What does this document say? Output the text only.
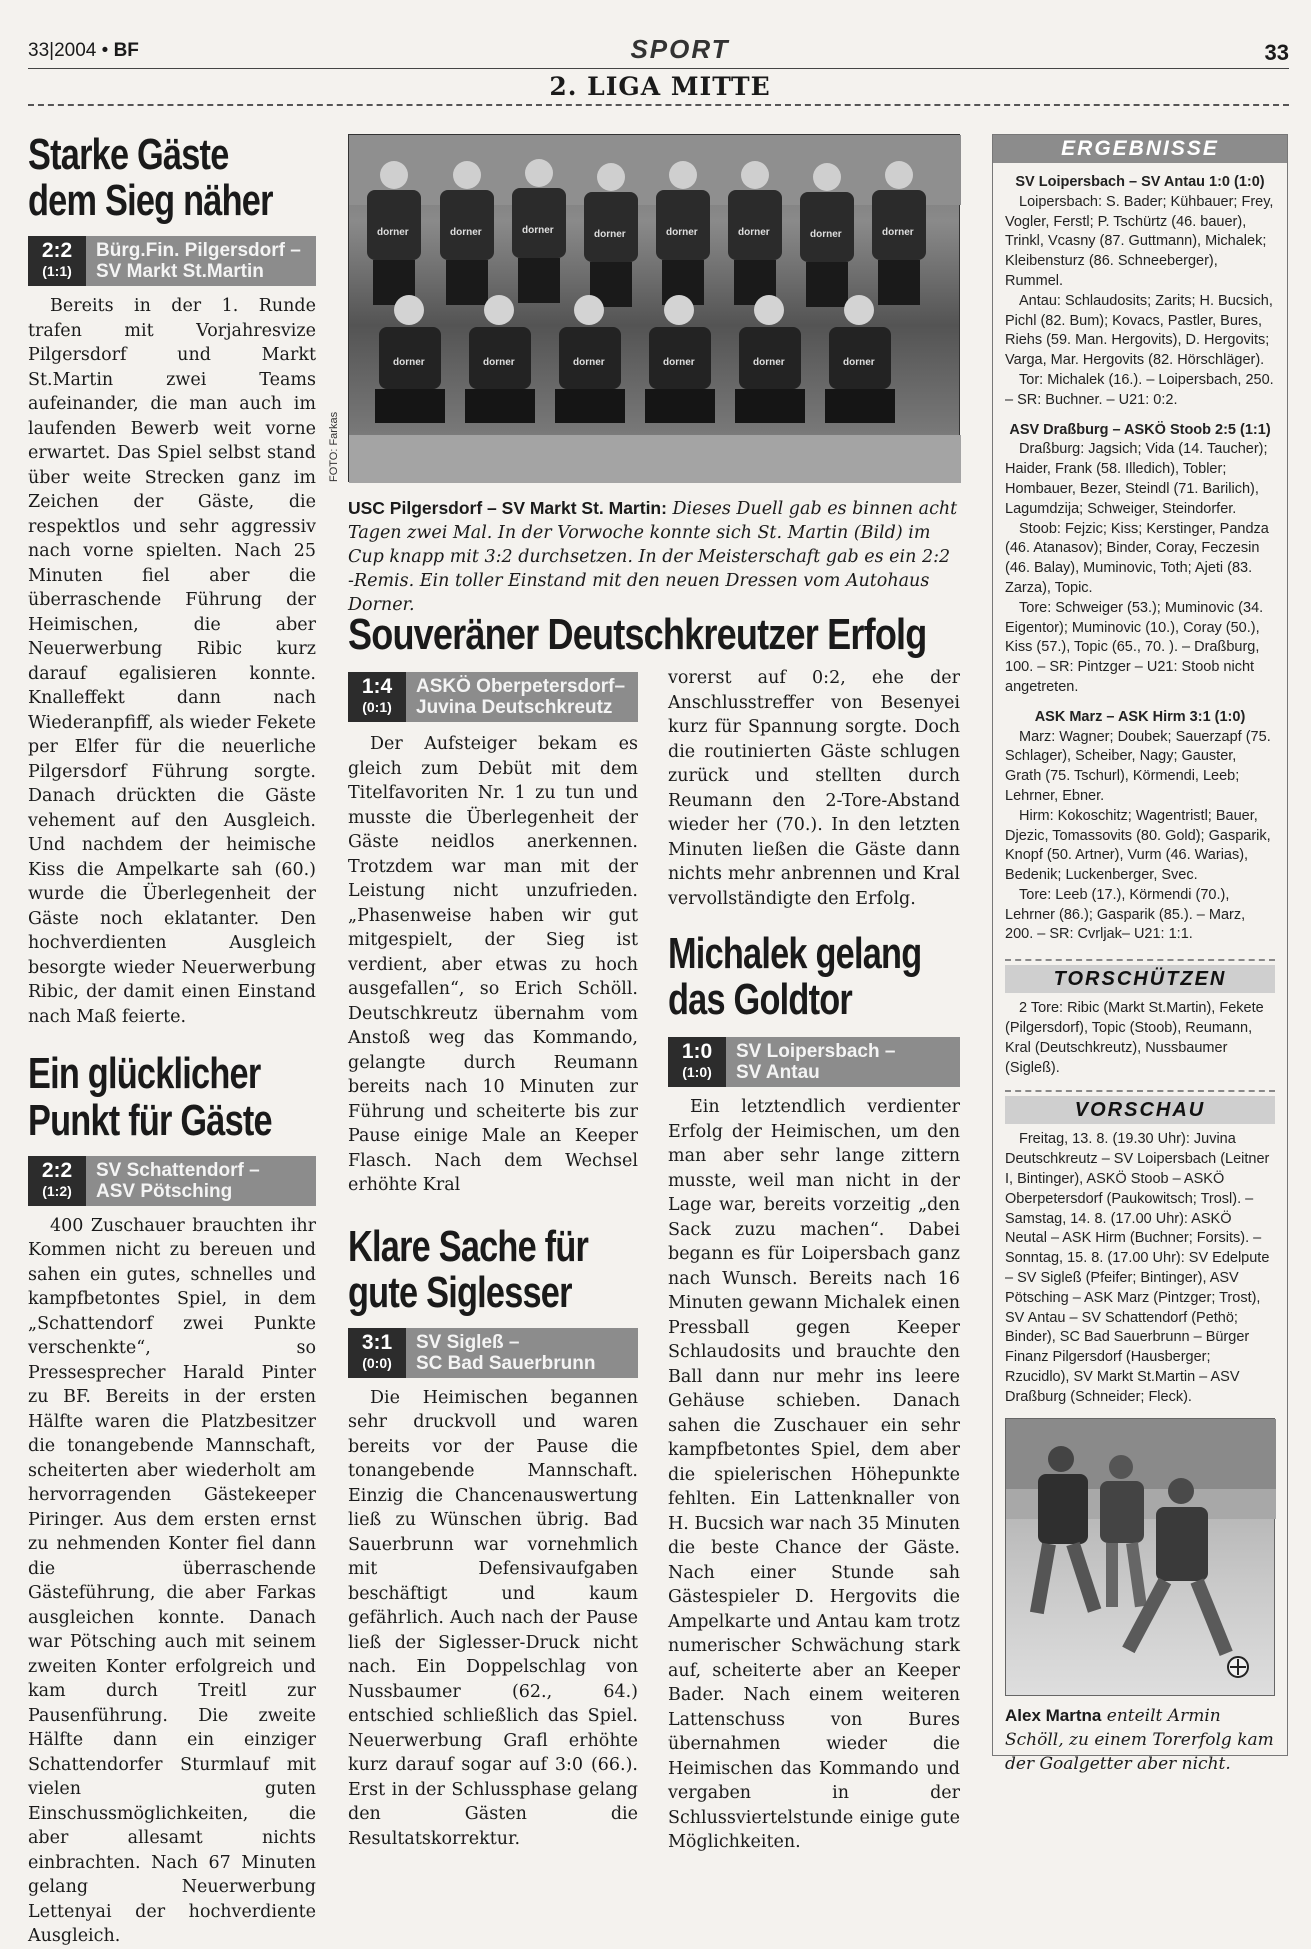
33|2004 • BF	SPORT	33
2. LIGA MITTE
Starke Gäste
dem Sieg näher
2:2
(1:1)
Bürg.Fin. Pilgersdorf –
SV Markt St.Martin

Bereits in der 1. Runde trafen mit Vorjahresvize Pilgersdorf und Markt St.Martin zwei Teams aufeinander, die man auch im laufenden Bewerb weit vorne erwartet. Das Spiel selbst stand über weite Strecken ganz im Zeichen der Gäste, die respektlos und sehr aggressiv nach vorne spielten. Nach 25 Minuten fiel aber die überraschende Führung der Heimischen, die aber Neuerwerbung Ribic kurz darauf egalisieren konnte. Knalleffekt dann nach Wiederanpfiff, als wieder Fekete per Elfer für die neuerliche Pilgersdorf Führung sorgte. Danach drückten die Gäste vehement auf den Ausgleich. Und nachdem der heimische Kiss die Ampelkarte sah (60.) wurde die Überlegenheit der Gäste noch eklatanter. Den hochverdienten Ausgleich besorgte wieder Neuerwerbung Ribic, der damit einen Einstand nach Maß feierte.

Ein glücklicher
Punkt für Gäste
2:2
(1:2)
SV Schattendorf –
ASV Pötsching

400 Zuschauer brauchten ihr Kommen nicht zu bereuen und sahen ein gutes, schnelles und kampfbetontes Spiel, in dem „Schattendorf zwei Punkte verschenkte“, so Pressesprecher Harald Pinter zu BF. Bereits in der ersten Hälfte waren die Platzbesitzer die tonangebende Mannschaft, scheiterten aber wiederholt am hervorragenden Gästekeeper Piringer. Aus dem ersten ernst zu nehmenden Konter fiel dann die überraschende Gästeführung, die aber Farkas ausgleichen konnte. Danach war Pötsching auch mit seinem zweiten Konter erfolgreich und kam durch Treitl zur Pausenführung. Die zweite Hälfte dann ein einziger Schattendorfer Sturmlauf mit vielen guten Einschussmöglichkeiten, die aber allesamt nichts einbrachten. Nach 67 Minuten gelang Neuerwerbung Lettenyai der hochverdiente Ausgleich.

dorner	dorner	dorner	dorner	dorner	dorner	dorner	dorner
dorner	dorner	dorner	dorner	dorner	dorner
FOTO: Farkas
USC Pilgersdorf – SV Markt St. Martin: Dieses Duell gab es binnen acht Tagen zwei Mal. In der Vorwoche konnte sich St. Martin (Bild) im Cup knapp mit 3:2 durchsetzen. In der Meisterschaft gab es ein 2:2 -Remis. Ein toller Einstand mit den neuen Dressen vom Autohaus Dorner.
Souveräner Deutschkreutzer Erfolg
1:4
(0:1)
ASKÖ Oberpetersdorf–
Juvina Deutschkreutz

Der Aufsteiger bekam es gleich zum Debüt mit dem Titelfavoriten Nr. 1 zu tun und musste die Überlegenheit der Gäste neidlos anerkennen. Trotzdem war man mit der Leistung nicht unzufrieden. „Phasenweise haben wir gut mitgespielt, der Sieg ist verdient, aber etwas zu hoch ausgefallen“, so Erich Schöll. Deutschkreutz übernahm vom Anstoß weg das Kommando, gelangte durch Reumann bereits nach 10 Minuten zur Führung und scheiterte bis zur Pause einige Male an Keeper Flasch. Nach dem Wechsel erhöhte Kral

Klare Sache für
gute Siglesser
3:1
(0:0)
SV Sigleß –
SC Bad Sauerbrunn

Die Heimischen begannen sehr druckvoll und waren bereits vor der Pause die tonangebende Mannschaft. Einzig die Chancenauswertung ließ zu Wünschen übrig. Bad Sauerbrunn war vornehmlich mit Defensivaufgaben beschäftigt und kaum gefährlich. Auch nach der Pause ließ der Siglesser-Druck nicht nach. Ein Doppelschlag von Nussbaumer (62., 64.) entschied schließlich das Spiel. Neuerwerbung Grafl erhöhte kurz darauf sogar auf 3:0 (66.). Erst in der Schlussphase gelang den Gästen die Resultatskorrektur.

vorerst auf 0:2, ehe der Anschlusstreffer von Besenyei kurz für Spannung sorgte. Doch die routinierten Gäste schlugen zurück und stellten durch Reumann den 2-Tore-Abstand wieder her (70.). In den letzten Minuten ließen die Gäste dann nichts mehr anbrennen und Kral vervollständigte den Erfolg.

Michalek gelang
das Goldtor
1:0
(1:0)
SV Loipersbach –
SV Antau

Ein letztendlich verdienter Erfolg der Heimischen, um den man aber sehr lange zittern musste, weil man nicht in der Lage war, bereits vorzeitig „den Sack zuzu machen“. Dabei begann es für Loipersbach ganz nach Wunsch. Bereits nach 16 Minuten gewann Michalek einen Pressball gegen Keeper Schlaudosits und brauchte den Ball dann nur mehr ins leere Gehäuse schieben. Danach sahen die Zuschauer ein sehr kampfbetontes Spiel, dem aber die spielerischen Höhepunkte fehlten. Ein Lattenknaller von H. Bucsich war nach 35 Minuten die beste Chance der Gäste. Nach einer Stunde sah Gästespieler D. Hergovits die Ampelkarte und Antau kam trotz numerischer Schwächung stark auf, scheiterte aber an Keeper Bader. Nach einem weiteren Lattenschuss von Bures übernahmen wieder die Heimischen das Kommando und vergaben in der Schlussviertelstunde einige gute Möglichkeiten.

ERGEBNISSE
SV Loipersbach – SV Antau 1:0 (1:0)
Loipersbach: S. Bader; Kühbauer; Frey, Vogler, Ferstl; P. Tschürtz (46. bauer), Trinkl, Vcasny (87. Guttmann), Michalek; Kleibensturz (86. Schneeberger), Rummel.
Antau: Schlaudosits; Zarits; H. Bucsich, Pichl (82. Bum); Kovacs, Pastler, Bures, Riehs (59. Man. Hergovits), D. Hergovits; Varga, Mar. Hergovits (82. Hörschläger).
Tor: Michalek (16.). – Loipersbach, 250. – SR: Buchner. – U21: 0:2.
ASV Draßburg – ASKÖ Stoob 2:5 (1:1)
Draßburg: Jagsich; Vida (14. Taucher); Haider, Frank (58. Illedich), Tobler; Hombauer, Bezer, Steindl (71. Barilich), Lagumdzija; Schweiger, Steindorfer.
Stoob: Fejzic; Kiss; Kerstinger, Pandza (46. Atanasov); Binder, Coray, Feczesin (46. Balay), Muminovic, Toth; Ajeti (83. Zarza), Topic.
Tore: Schweiger (53.); Muminovic (34. Eigentor); Muminovic (10.), Coray (50.), Kiss (57.), Topic (65., 70. ). – Draßburg, 100. – SR: Pintzger – U21: Stoob nicht angetreten.
ASK Marz – ASK Hirm 3:1 (1:0)
Marz: Wagner; Doubek; Sauerzapf (75. Schlager), Scheiber, Nagy; Gauster, Grath (75. Tschurl), Körmendi, Leeb; Lehrner, Ebner.
Hirm: Kokoschitz; Wagentristl; Bauer, Djezic, Tomassovits (80. Gold); Gasparik, Knopf (50. Artner), Vurm (46. Warias), Bedenik; Luckenberger, Svec.
Tore: Leeb (17.), Körmendi (70.), Lehrner (86.); Gasparik (85.). – Marz, 200. – SR: Cvrljak– U21: 1:1.
TORSCHÜTZEN
2 Tore: Ribic (Markt St.Martin), Fekete (Pilgersdorf), Topic (Stoob), Reumann, Kral (Deutschkreutz), Nussbaumer (Sigleß).
VORSCHAU
Freitag, 13. 8. (19.30 Uhr): Juvina Deutschkreutz – SV Loipersbach (Leitner I, Bintinger), ASKÖ Stoob – ASKÖ Oberpetersdorf (Paukowitsch; Trosl). – Samstag, 14. 8. (17.00 Uhr): ASKÖ Neutal – ASK Hirm (Buchner; Forsits). – Sonntag, 15. 8. (17.00 Uhr): SV Edelpute – SV Sigleß (Pfeifer; Bintinger), ASV Pötsching – ASK Marz (Pintzger; Trost), SV Antau – SV Schattendorf (Pethö; Binder), SC Bad Sauerbrunn – Bürger Finanz Pilgersdorf (Hausberger; Rzucidlo), SV Markt St.Martin – ASV Draßburg (Schneider; Fleck).
Alex Martna enteilt Armin Schöll, zu einem Torerfolg kam der Goalgetter aber nicht.
